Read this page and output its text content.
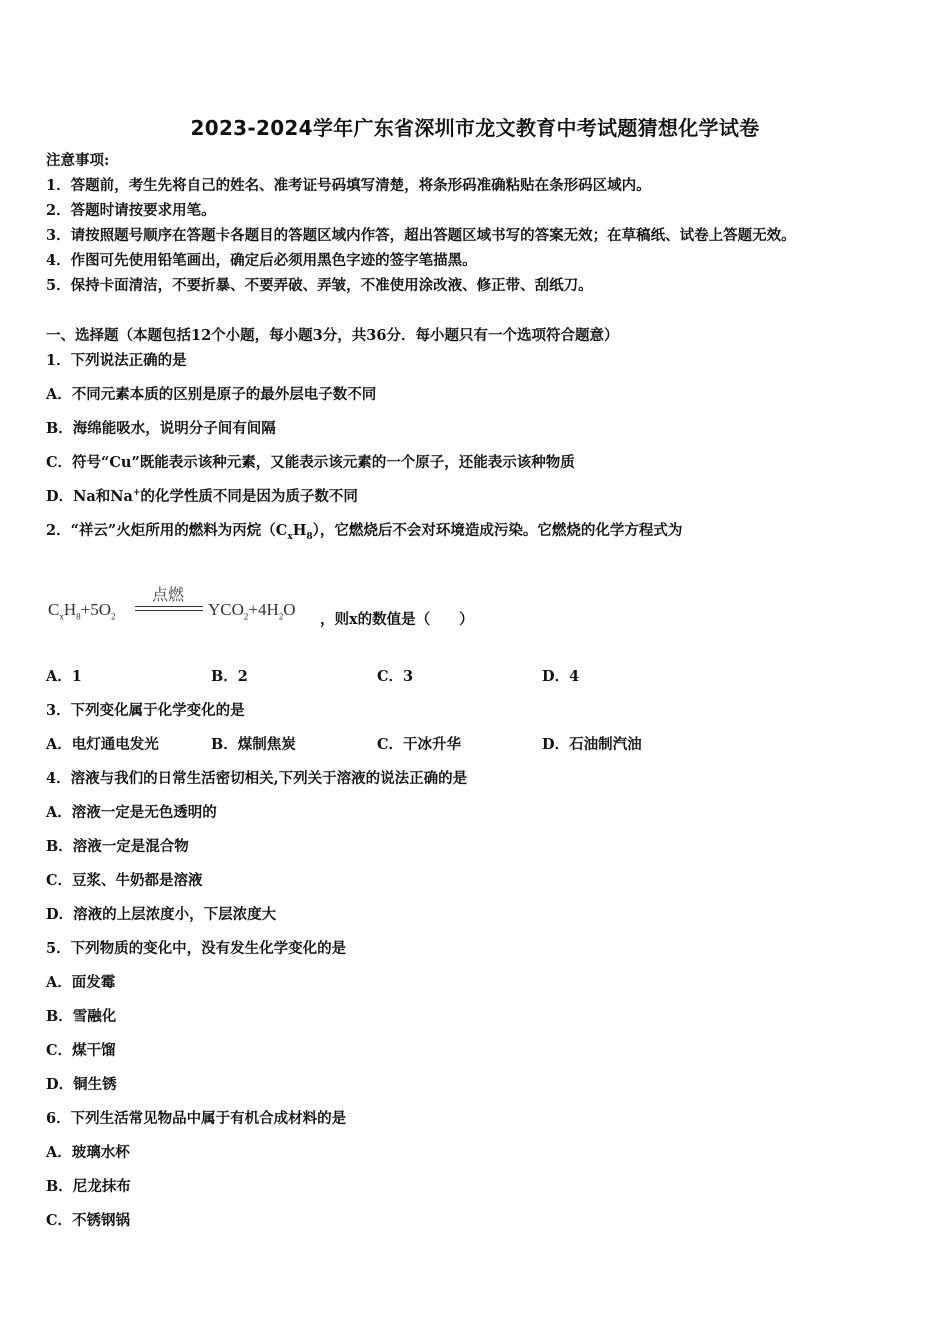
2023-2024学年广东省深圳市龙文教育中考试题猜想化学试卷
注意事项:
1．答题前，考生先将自己的姓名、准考证号码填写清楚，将条形码准确粘贴在条形码区域内。
2．答题时请按要求用笔。
3．请按照题号顺序在答题卡各题目的答题区域内作答，超出答题区域书写的答案无效；在草稿纸、试卷上答题无效。
4．作图可先使用铅笔画出，确定后必须用黑色字迹的签字笔描黑。
5．保持卡面清洁，不要折暴、不要弄破、弄皱，不准使用涂改液、修正带、刮纸刀。
一、选择题（本题包括12个小题，每小题3分，共36分．每小题只有一个选项符合题意）
1．下列说法正确的是
A．不同元素本质的区别是原子的最外层电子数不同
B．海绵能吸水，说明分子间有间隔
C．符号“Cu”既能表示该种元素，又能表示该元素的一个原子，还能表示该种物质
D．Na和Na+的化学性质不同是因为质子数不同
2．“祥云”火炬所用的燃料为丙烷$(C_xH_8)$，它燃烧后不会对环境造成污染。它燃烧的化学方程式为
$C_xH_8+5O_2$
点燃
$YCO_2+4H_2O$
，则x的数值是（　　）
A．1	B．2	C．3	D．4
3．下列变化属于化学变化的是
A．电灯通电发光	B．煤制焦炭	C．干冰升华	D．石油制汽油
4．溶液与我们的日常生活密切相关,下列关于溶液的说法正确的是
A．溶液一定是无色透明的
B．溶液一定是混合物
C．豆浆、牛奶都是溶液
D．溶液的上层浓度小，下层浓度大
5．下列物质的变化中，没有发生化学变化的是
A．面发霉
B．雪融化
C．煤干馏
D．铜生锈
6．下列生活常见物品中属于有机合成材料的是
A．玻璃水杯
B．尼龙抹布
C．不锈钢锅
